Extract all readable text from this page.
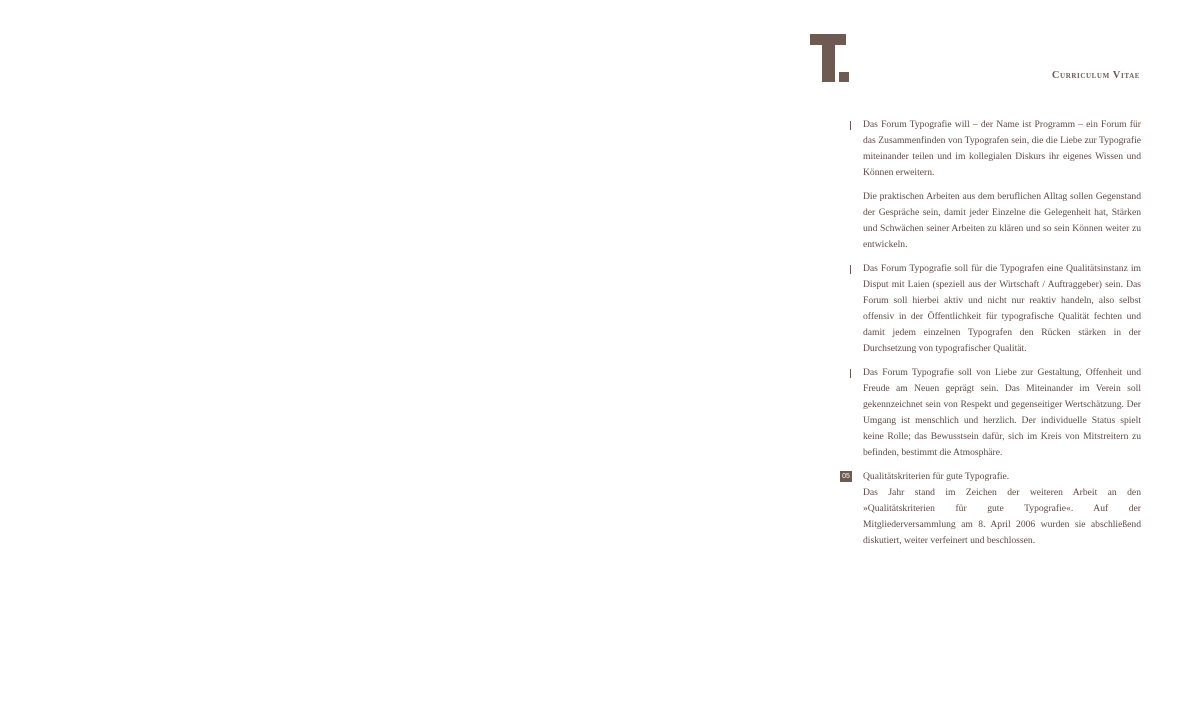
Curriculum Vitae

Das Forum Typografie will – der Name ist Programm – ein Forum für das Zusammenfinden von Typografen sein, die die Liebe zur Typografie miteinander teilen und im kollegialen Diskurs ihr eigenes Wissen und Können erweitern.

Die praktischen Arbeiten aus dem beruflichen Alltag sollen Gegenstand der Gespräche sein, damit jeder Einzelne die Gelegenheit hat, Stärken und Schwächen seiner Arbeiten zu klären und so sein Können weiter zu entwickeln.

Das Forum Typografie soll für die Typografen eine Qualitätsinstanz im Disput mit Laien (speziell aus der Wirtschaft / Auftraggeber) sein. Das Forum soll hierbei aktiv und nicht nur reaktiv handeln, also selbst offensiv in der Öffentlichkeit für typografische Qualität fechten und damit jedem einzelnen Typografen den Rücken stärken in der Durchsetzung von typografischer Qualität.

Das Forum Typografie soll von Liebe zur Gestaltung, Offenheit und Freude am Neuen geprägt sein. Das Miteinander im Verein soll gekennzeichnet sein von Respekt und gegenseitiger Wertschätzung. Der Umgang ist menschlich und herzlich. Der individuelle Status spielt keine Rolle; das Bewusstsein dafür, sich im Kreis von Mitstreitern zu befinden, bestimmt die Atmosphäre.

05 Qualitätskriterien für gute Typografie.
Das Jahr stand im Zeichen der weiteren Arbeit an den »Qualitätskriterien für gute Typografie«. Auf der Mitgliederversammlung am 8. April 2006 wurden sie abschließend diskutiert, weiter verfeinert und beschlossen.
